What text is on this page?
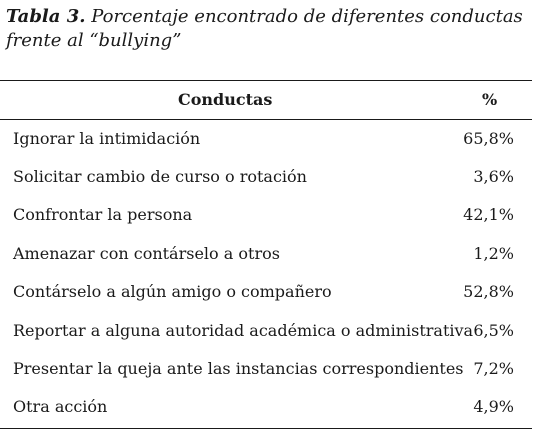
Tabla 3. Porcentaje encontrado de diferentes conductas frente al “bullying”
Conductas	%
Ignorar la intimidación	65,8%
Solicitar cambio de curso o rotación	3,6%
Confrontar la persona	42,1%
Amenazar con contárselo a otros	1,2%
Contárselo a algún amigo o compañero	52,8%
Reportar a alguna autoridad académica o administrativa 6,5%
Presentar la queja ante las instancias correspondientes 7,2%
Otra acción	4,9%
